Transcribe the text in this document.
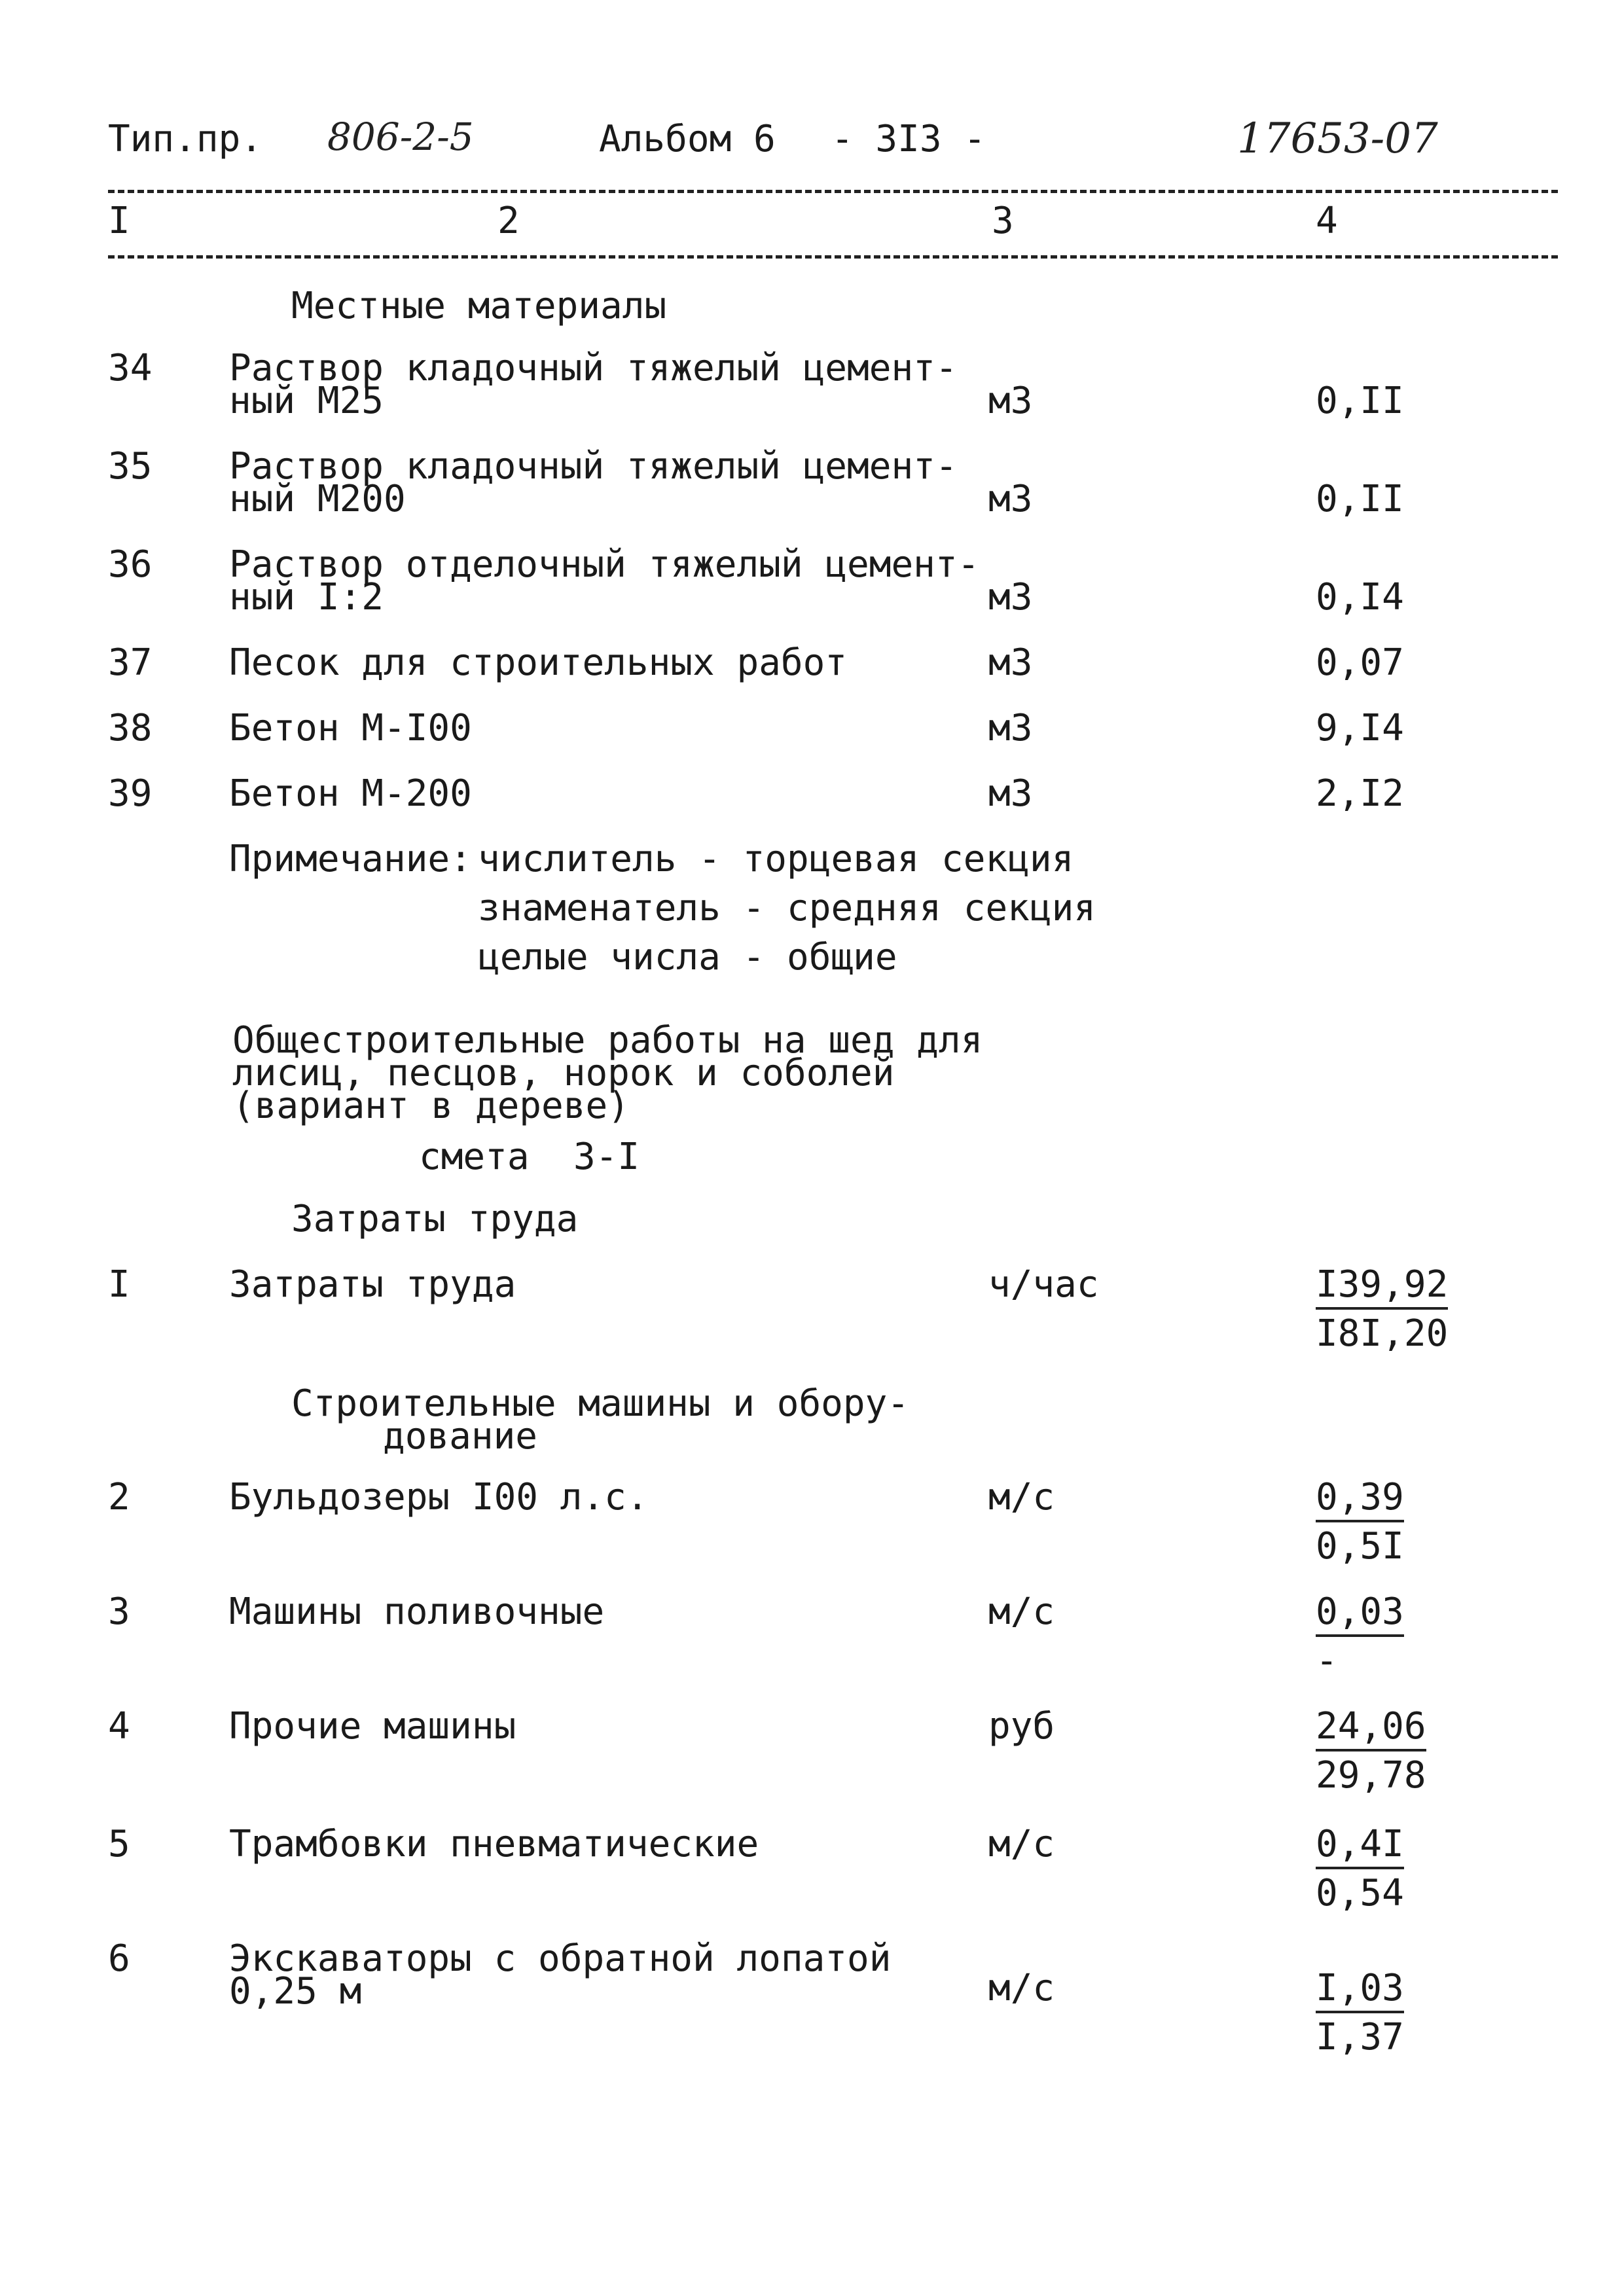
Тип.пр. 806-2-5	Альбом 6 - 3I3 -	17653-07
I	2	3	4
Местные материалы
34 Раствор кладочный тяжелый цемент-
ный М25	м3	0,II
35 Раствор кладочный тяжелый цемент-
ный М200	м3	0,II
36 Раствор отделочный тяжелый цемент-
ный I:2	м3	0,I4
37 Песок для строительных работ	м3	0,07
38 Бетон М-I00	м3	9,I4
39 Бетон М-200	м3	2,I2
Примечание: числитель - торцевая секция
знаменатель - средняя секция
целые числа - общие
Общестроительные работы на шед для
лисиц, песцов, норок и соболей
(вариант в дереве)
смета  3-I
Затраты труда
I	Затраты труда	ч/час	I39,92
I8I,20
Строительные машины и обору-
дование
2	Бульдозеры I00 л.с.	м/с	0,39
0,5I
3	Машины поливочные	м/с	0,03
-
4	Прочие машины	руб	24,06
29,78
5	Трамбовки пневматические	м/с	0,4I
0,54
6	Экскаваторы с обратной лопатой
0,25 м	м/с	I,03
I,37
